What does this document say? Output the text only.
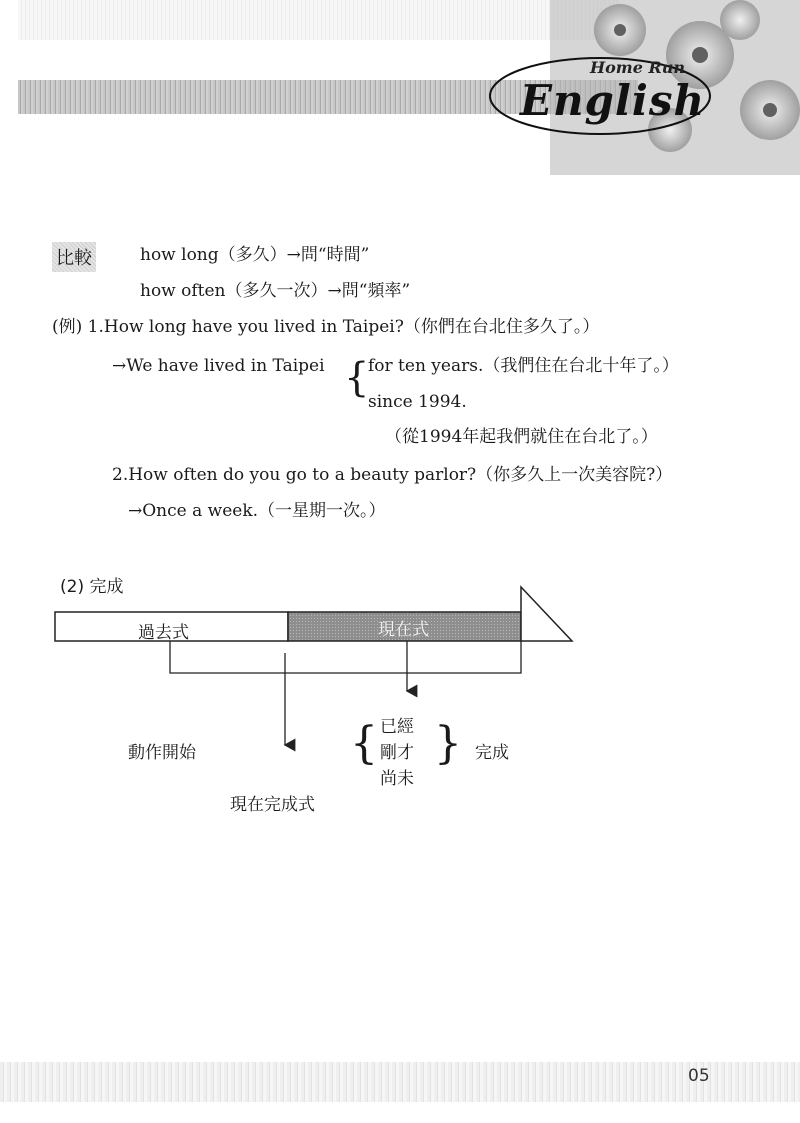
Home Run
English
比較	how long（多久）→問“時間”
how often（多久一次）→問“頻率”
(例) 1.How long have you lived in Taipei?（你們在台北住多久了。）
→We have lived in Taipei {
for ten years.（我們住在台北十年了。）
since 1994.
（從1994年起我們就住在台北了。）
2.How often do you go to a beauty parlor?（你多久上一次美容院?）
→Once a week.（一星期一次。）
(2) 完成
過去式	現在式
動作開始
現在完成式
{ 已經
剛才
尚未
} 完成
05
